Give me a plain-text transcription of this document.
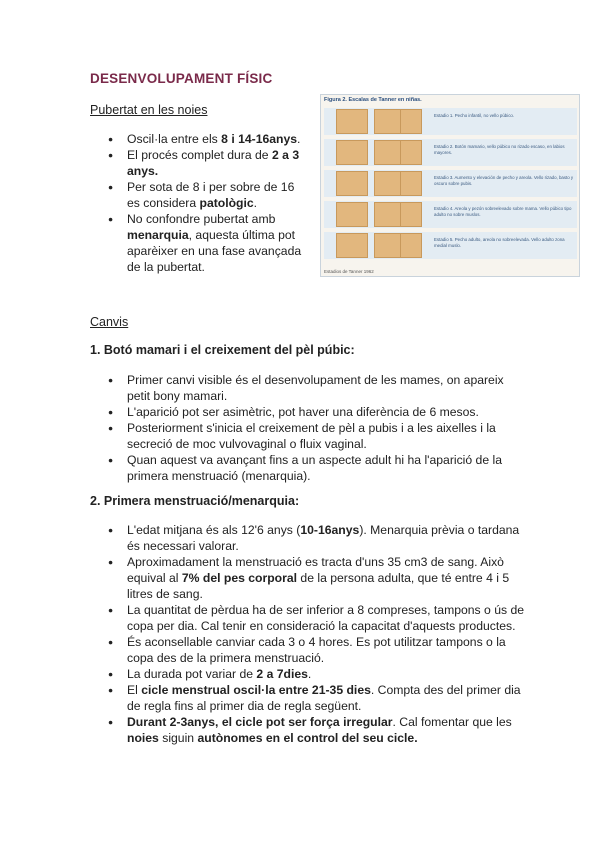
DESENVOLUPAMENT FÍSIC
Pubertat en les noies
● Oscil·la entre els 8 i 14-16anys.
● El procés complet dura de 2 a 3 anys.
● Per sota de 8 i per sobre de 16 es considera patològic.
● No confondre pubertat amb menarquia, aquesta última pot aparèixer en una fase avançada de la pubertat.
Figura 2. Escalas de Tanner en niñas.
Estadio 1. Pecho infantil, no vello púbico.
Estadio 2. Botón mamario, vello púbico no rizado escaso, en labios mayores.
Estadio 3. Aumento y elevación de pecho y areola. Vello rizado, basto y oscuro sobre pubis.
Estadio 4. Areola y pezón sobreelevado sobre mama. Vello púbico tipo adulto no sobre muslos.
Estadio 5. Pecho adulto, areola no sobreelevada. Vello adulto zona medial muslo.
Estadios de Tanner 1962
Canvis
1. Botó mamari i el creixement del pèl púbic:
● Primer canvi visible és el desenvolupament de les mames, on apareix petit bony mamari.
● L'aparició pot ser asimètric, pot haver una diferència de 6 mesos.
● Posteriorment s'inicia el creixement de pèl a pubis i a les aixelles i la secreció de moc vulvovaginal o fluix vaginal.
● Quan aquest va avançant fins a un aspecte adult hi ha l'aparició de la primera menstruació (menarquia).
2. Primera menstruació/menarquia:
● L'edat mitjana és als 12'6 anys (10-16anys). Menarquia prèvia o tardana és necessari valorar.
● Aproximadament la menstruació es tracta d'uns 35 cm3 de sang. Això equival al 7% del pes corporal de la persona adulta, que té entre 4 i 5 litres de sang.
● La quantitat de pèrdua ha de ser inferior a 8 compreses, tampons o ús de copa per dia. Cal tenir en consideració la capacitat d'aquests productes.
● És aconsellable canviar cada 3 o 4 hores. Es pot utilitzar tampons o la copa des de la primera menstruació.
● La durada pot variar de 2 a 7dies.
● El cicle menstrual oscil·la entre 21-35 dies. Compta des del primer dia de regla fins al primer dia de regla següent.
● Durant 2-3anys, el cicle pot ser força irregular. Cal fomentar que les noies siguin autònomes en el control del seu cicle.
